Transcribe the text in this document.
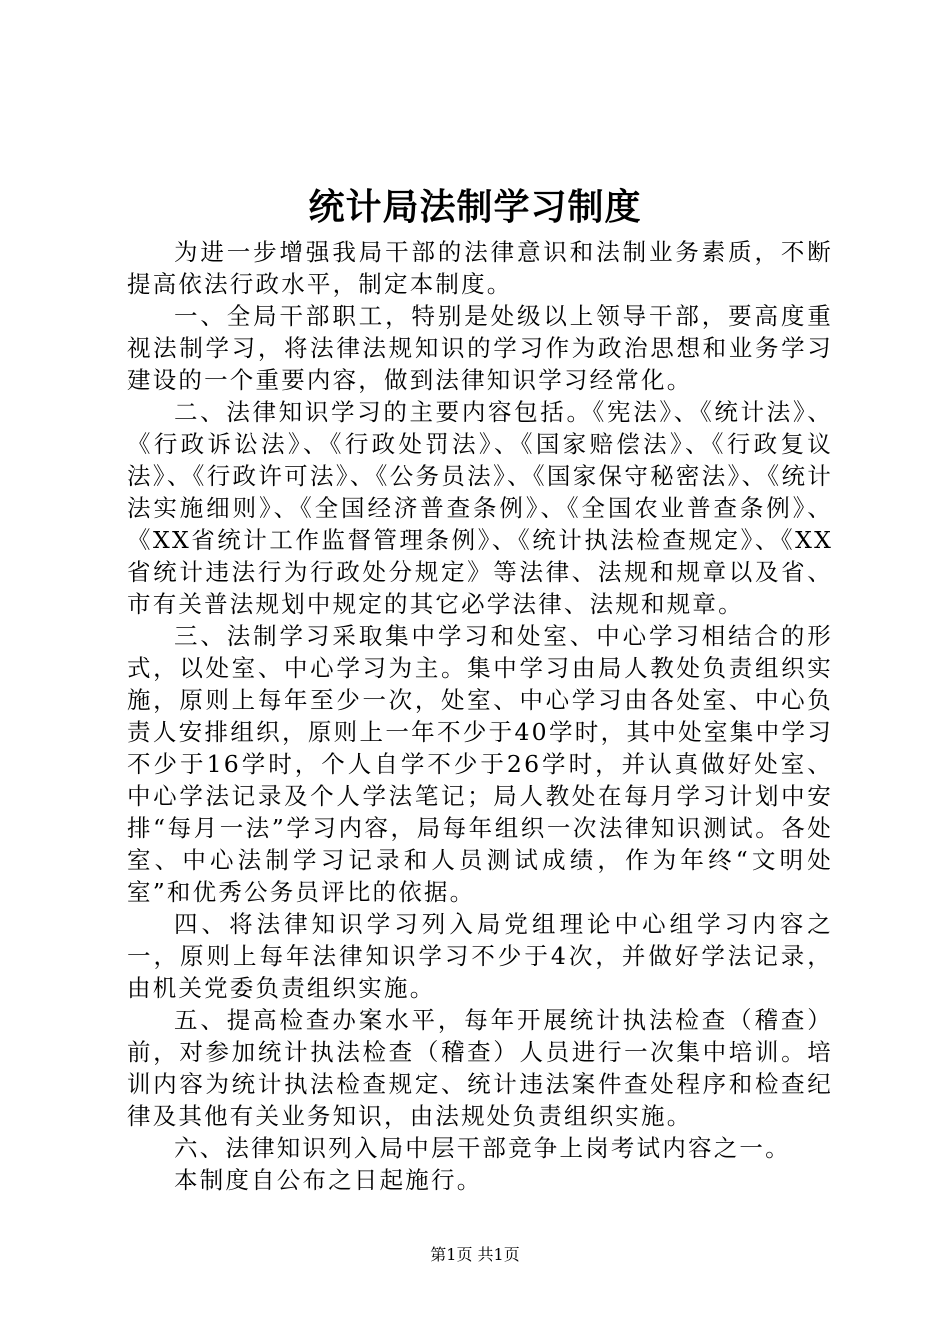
统计局法制学习制度

为进一步增强我局干部的法律意识和法制业务素质，不断提高依法行政水平，制定本制度。

一、全局干部职工，特别是处级以上领导干部，要高度重视法制学习，将法律法规知识的学习作为政治思想和业务学习建设的一个重要内容，做到法律知识学习经常化。

二、法律知识学习的主要内容包括。《宪法》、《统计法》、《行政诉讼法》、《行政处罚法》、《国家赔偿法》、《行政复议法》、《行政许可法》、《公务员法》、《国家保守秘密法》、《统计法实施细则》、《全国经济普查条例》、《全国农业普查条例》、《XX省统计工作监督管理条例》、《统计执法检查规定》、《XX省统计违法行为行政处分规定》等法律、法规和规章以及省、市有关普法规划中规定的其它必学法律、法规和规章。

三、法制学习采取集中学习和处室、中心学习相结合的形式，以处室、中心学习为主。集中学习由局人教处负责组织实施，原则上每年至少一次，处室、中心学习由各处室、中心负责人安排组织，原则上一年不少于40学时，其中处室集中学习不少于16学时，个人自学不少于26学时，并认真做好处室、中心学法记录及个人学法笔记；局人教处在每月学习计划中安排“每月一法”学习内容，局每年组织一次法律知识测试。各处室、中心法制学习记录和人员测试成绩，作为年终“文明处室”和优秀公务员评比的依据。

四、将法律知识学习列入局党组理论中心组学习内容之一，原则上每年法律知识学习不少于4次，并做好学法记录，由机关党委负责组织实施。

五、提高检查办案水平，每年开展统计执法检查（稽查）前，对参加统计执法检查（稽查）人员进行一次集中培训。培训内容为统计执法检查规定、统计违法案件查处程序和检查纪律及其他有关业务知识，由法规处负责组织实施。

六、法律知识列入局中层干部竞争上岗考试内容之一。

本制度自公布之日起施行。

第1页 共1页
